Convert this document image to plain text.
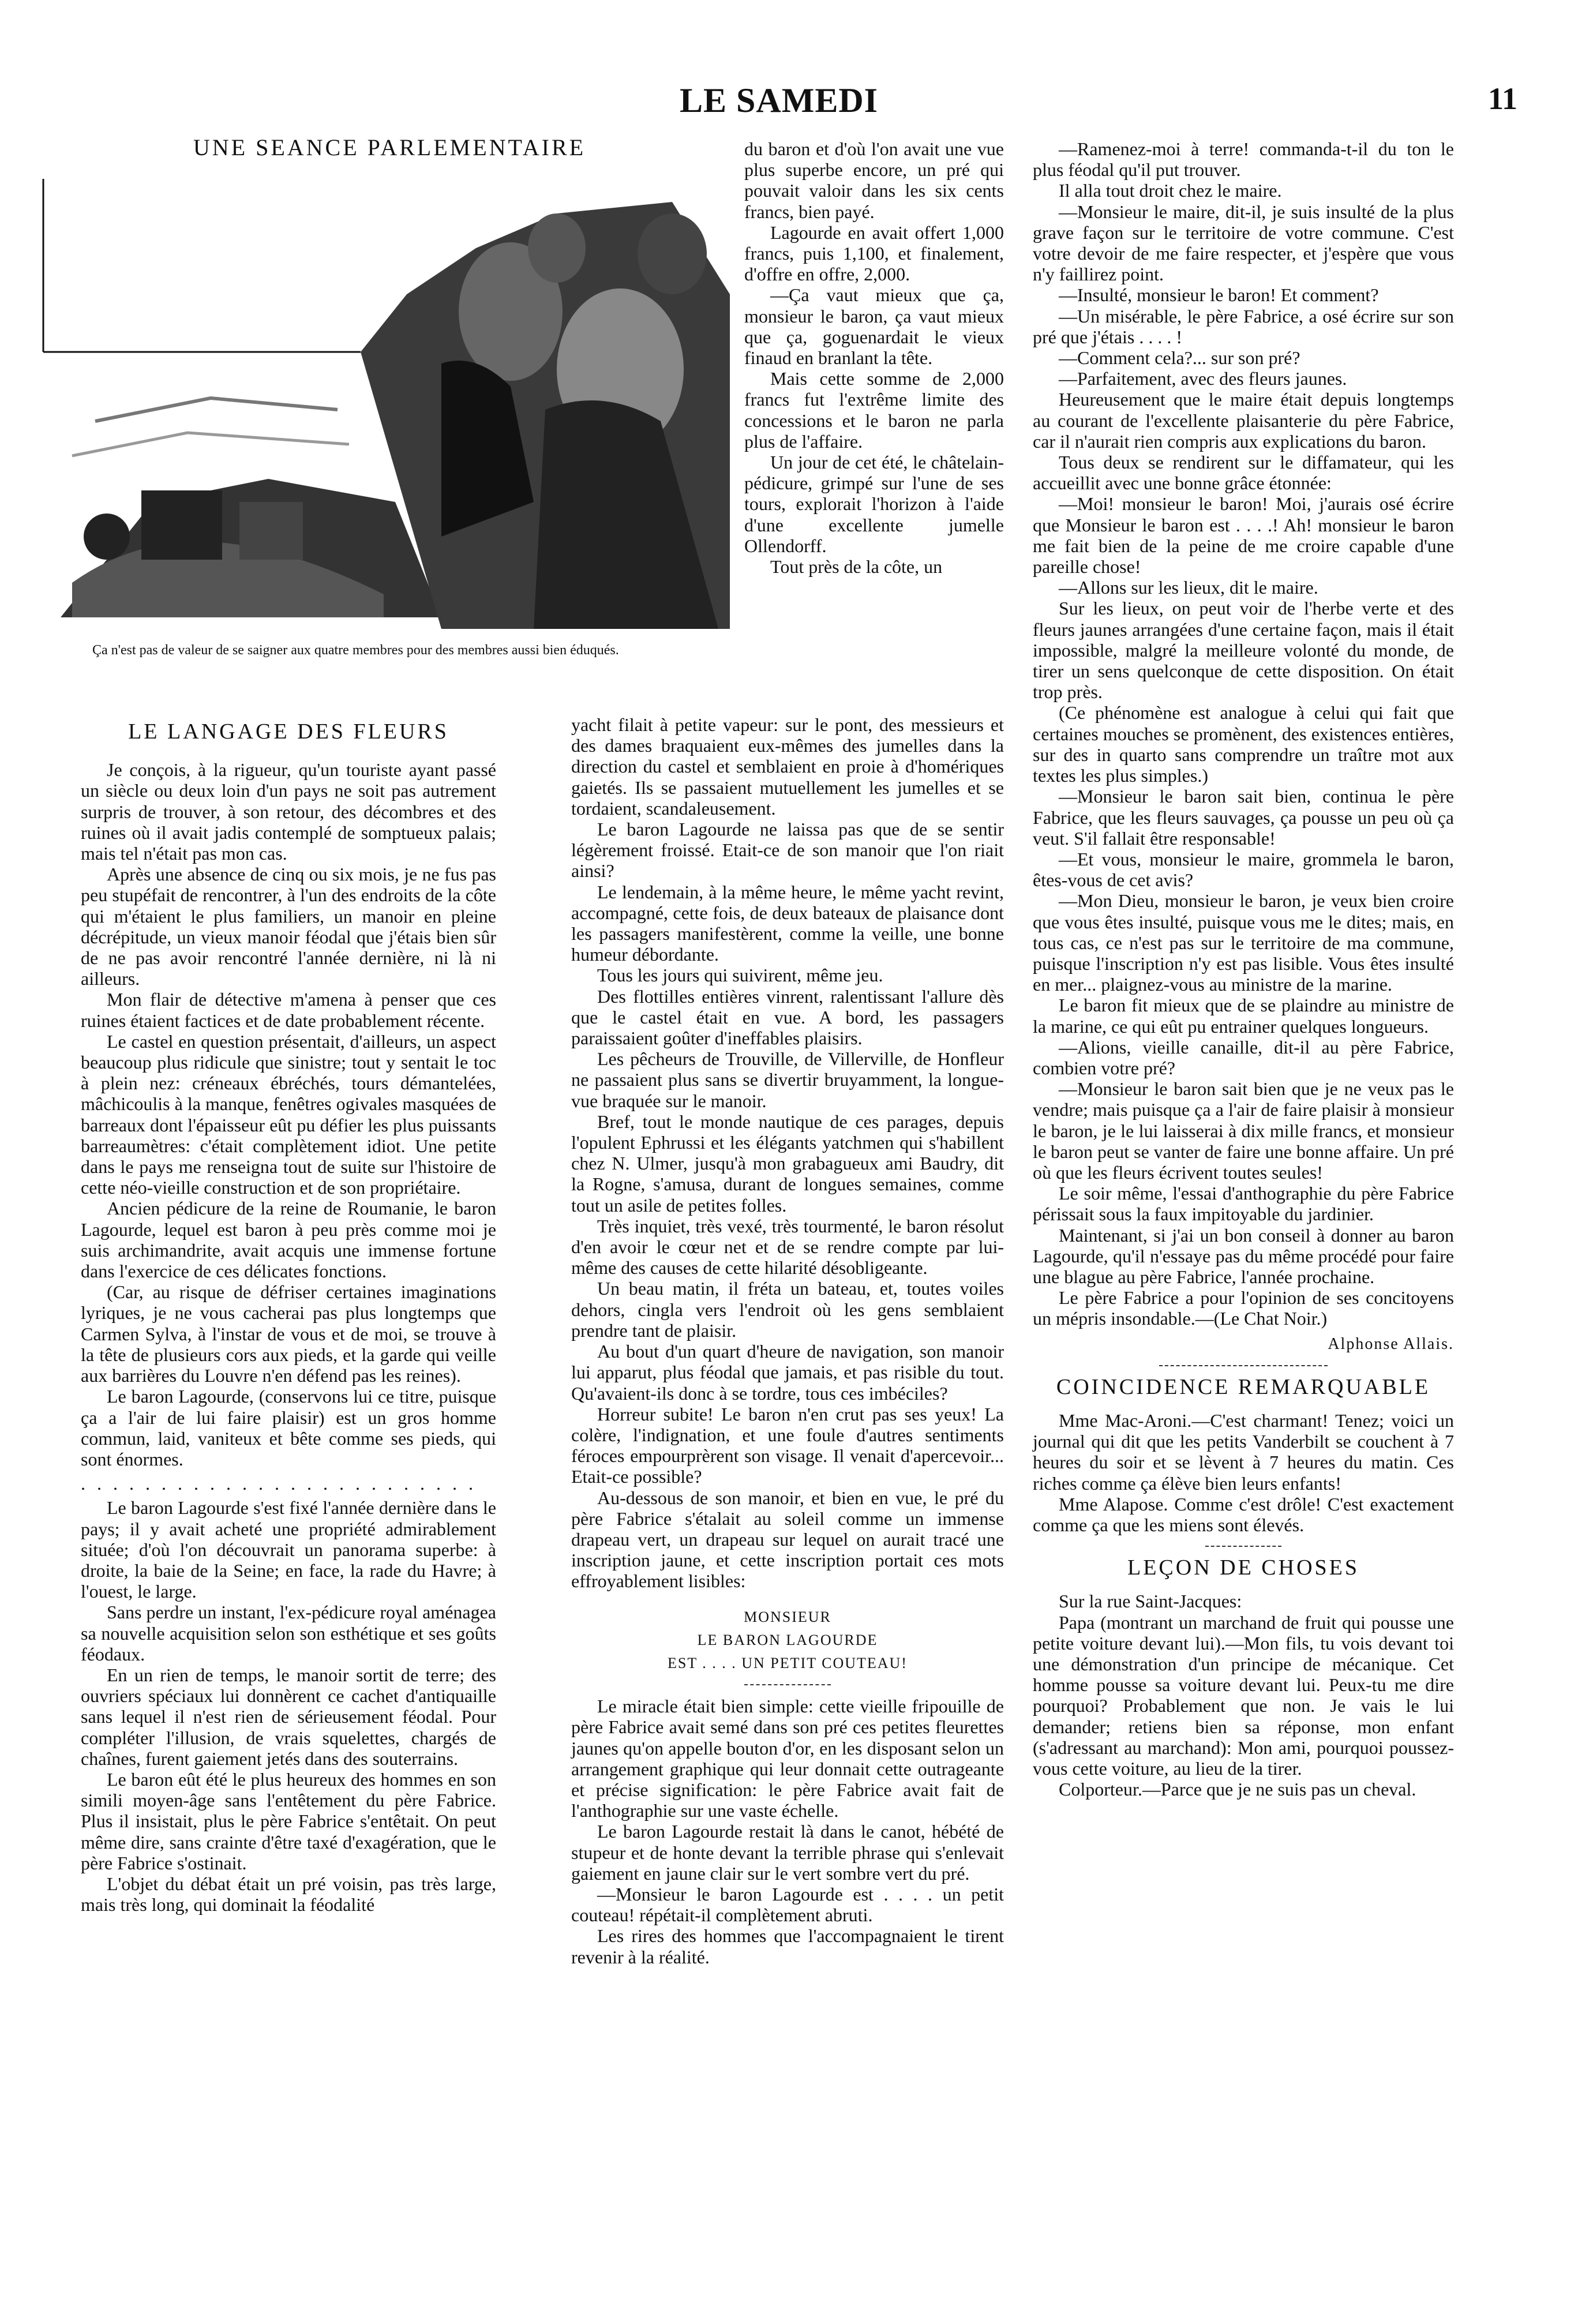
LE SAMEDI	11
UNE SEANCE PARLEMENTAIRE
Ça n'est pas de valeur de se saigner aux quatre membres pour des membres aussi bien éduqués.
LE LANGAGE DES FLEURS

Je conçois, à la rigueur, qu'un touriste ayant passé un siècle ou deux loin d'un pays ne soit pas autrement surpris de trouver, à son retour, des décombres et des ruines où il avait jadis contemplé de somptueux palais; mais tel n'était pas mon cas.

Après une absence de cinq ou six mois, je ne fus pas peu stupéfait de rencontrer, à l'un des endroits de la côte qui m'étaient le plus familiers, un manoir en pleine décrépitude, un vieux manoir féodal que j'étais bien sûr de ne pas avoir rencontré l'année dernière, ni là ni ailleurs.

Mon flair de détective m'amena à penser que ces ruines étaient factices et de date probablement récente.

Le castel en question présentait, d'ailleurs, un aspect beaucoup plus ridicule que sinistre; tout y sentait le toc à plein nez: créneaux ébréchés, tours démantelées, mâchicoulis à la manque, fenêtres ogivales masquées de barreaux dont l'épaisseur eût pu défier les plus puissants barreaumètres: c'était complètement idiot. Une petite dans le pays me renseigna tout de suite sur l'histoire de cette néo-vieille construction et de son propriétaire.

Ancien pédicure de la reine de Roumanie, le baron Lagourde, lequel est baron à peu près comme moi je suis archimandrite, avait acquis une immense fortune dans l'exercice de ces délicates fonctions.

(Car, au risque de défriser certaines imaginations lyriques, je ne vous cacherai pas plus longtemps que Carmen Sylva, à l'instar de vous et de moi, se trouve à la tête de plusieurs cors aux pieds, et la garde qui veille aux barrières du Louvre n'en défend pas les reines).

Le baron Lagourde, (conservons lui ce titre, puisque ça a l'air de lui faire plaisir) est un gros homme commun, laid, vaniteux et bête comme ses pieds, qui sont énormes.

. . . . . . . . . . . . . . . . . . . . . . . . .

Le baron Lagourde s'est fixé l'année dernière dans le pays; il y avait acheté une propriété admirablement située; d'où l'on découvrait un panorama superbe: à droite, la baie de la Seine; en face, la rade du Havre; à l'ouest, le large.

Sans perdre un instant, l'ex-pédicure royal aménagea sa nouvelle acquisition selon son esthétique et ses goûts féodaux.

En un rien de temps, le manoir sortit de terre; des ouvriers spéciaux lui donnèrent ce cachet d'antiquaille sans lequel il n'est rien de sérieusement féodal. Pour compléter l'illusion, de vrais squelettes, chargés de chaînes, furent gaiement jetés dans des souterrains.

Le baron eût été le plus heureux des hommes en son simili moyen-âge sans l'entêtement du père Fabrice. Plus il insistait, plus le père Fabrice s'entêtait. On peut même dire, sans crainte d'être taxé d'exagération, que le père Fabrice s'ostinait.

L'objet du débat était un pré voisin, pas très large, mais très long, qui dominait la féodalité

du baron et d'où l'on avait une vue plus superbe encore, un pré qui pouvait valoir dans les six cents francs, bien payé.

Lagourde en avait offert 1,000 francs, puis 1,100, et finalement, d'offre en offre, 2,000.

—Ça vaut mieux que ça, monsieur le baron, ça vaut mieux que ça, goguenardait le vieux finaud en branlant la tête.

Mais cette somme de 2,000 francs fut l'extrême limite des concessions et le baron ne parla plus de l'affaire.

Un jour de cet été, le châtelain-pédicure, grimpé sur l'une de ses tours, explorait l'horizon à l'aide d'une excellente jumelle Ollendorff.

Tout près de la côte, un

yacht filait à petite vapeur: sur le pont, des messieurs et des dames braquaient eux-mêmes des jumelles dans la direction du castel et semblaient en proie à d'homériques gaietés. Ils se passaient mutuellement les jumelles et se tordaient, scandaleusement.

Le baron Lagourde ne laissa pas que de se sentir légèrement froissé. Etait-ce de son manoir que l'on riait ainsi?

Le lendemain, à la même heure, le même yacht revint, accompagné, cette fois, de deux bateaux de plaisance dont les passagers manifestèrent, comme la veille, une bonne humeur débordante.

Tous les jours qui suivirent, même jeu.

Des flottilles entières vinrent, ralentissant l'allure dès que le castel était en vue. A bord, les passagers paraissaient goûter d'ineffables plaisirs.

Les pêcheurs de Trouville, de Villerville, de Honfleur ne passaient plus sans se divertir bruyamment, la longue-vue braquée sur le manoir.

Bref, tout le monde nautique de ces parages, depuis l'opulent Ephrussi et les élégants yatchmen qui s'habillent chez N. Ulmer, jusqu'à mon grabagueux ami Baudry, dit la Rogne, s'amusa, durant de longues semaines, comme tout un asile de petites folles.

Très inquiet, très vexé, très tourmenté, le baron résolut d'en avoir le cœur net et de se rendre compte par lui-même des causes de cette hilarité désobligeante.

Un beau matin, il fréta un bateau, et, toutes voiles dehors, cingla vers l'endroit où les gens semblaient prendre tant de plaisir.

Au bout d'un quart d'heure de navigation, son manoir lui apparut, plus féodal que jamais, et pas risible du tout. Qu'avaient-ils donc à se tordre, tous ces imbéciles?

Horreur subite! Le baron n'en crut pas ses yeux! La colère, l'indignation, et une foule d'autres sentiments féroces empourprèrent son visage. Il venait d'apercevoir... Etait-ce possible?

Au-dessous de son manoir, et bien en vue, le pré du père Fabrice s'étalait au soleil comme un immense drapeau vert, un drapeau sur lequel on aurait tracé une inscription jaune, et cette inscription portait ces mots effroyablement lisibles:

MONSIEUR
LE BARON LAGOURDE
EST . . . . UN PETIT COUTEAU!

Le miracle était bien simple: cette vieille fripouille de père Fabrice avait semé dans son pré ces petites fleurettes jaunes qu'on appelle bouton d'or, en les disposant selon un arrangement graphique qui leur donnait cette outrageante et précise signification: le père Fabrice avait fait de l'anthographie sur une vaste échelle.

Le baron Lagourde restait là dans le canot, hébété de stupeur et de honte devant la terrible phrase qui s'enlevait gaiement en jaune clair sur le vert sombre vert du pré.

—Monsieur le baron Lagourde est . . . . un petit couteau! répétait-il complètement abruti.

Les rires des hommes que l'accompagnaient le tirent revenir à la réalité.

—Ramenez-moi à terre! commanda-t-il du ton le plus féodal qu'il put trouver.

Il alla tout droit chez le maire.

—Monsieur le maire, dit-il, je suis insulté de la plus grave façon sur le territoire de votre commune. C'est votre devoir de me faire respecter, et j'espère que vous n'y faillirez point.

—Insulté, monsieur le baron! Et comment?

—Un misérable, le père Fabrice, a osé écrire sur son pré que j'étais . . . . !

—Comment cela?... sur son pré?

—Parfaitement, avec des fleurs jaunes.

Heureusement que le maire était depuis longtemps au courant de l'excellente plaisanterie du père Fabrice, car il n'aurait rien compris aux explications du baron.

Tous deux se rendirent sur le diffamateur, qui les accueillit avec une bonne grâce étonnée:

—Moi! monsieur le baron! Moi, j'aurais osé écrire que Monsieur le baron est . . . .! Ah! monsieur le baron me fait bien de la peine de me croire capable d'une pareille chose!

—Allons sur les lieux, dit le maire.

Sur les lieux, on peut voir de l'herbe verte et des fleurs jaunes arrangées d'une certaine façon, mais il était impossible, malgré la meilleure volonté du monde, de tirer un sens quelconque de cette disposition. On était trop près.

(Ce phénomène est analogue à celui qui fait que certaines mouches se promènent, des existences entières, sur des in quarto sans comprendre un traître mot aux textes les plus simples.)

—Monsieur le baron sait bien, continua le père Fabrice, que les fleurs sauvages, ça pousse un peu où ça veut. S'il fallait être responsable!

—Et vous, monsieur le maire, grommela le baron, êtes-vous de cet avis?

—Mon Dieu, monsieur le baron, je veux bien croire que vous êtes insulté, puisque vous me le dites; mais, en tous cas, ce n'est pas sur le territoire de ma commune, puisque l'inscription n'y est pas lisible. Vous êtes insulté en mer... plaignez-vous au ministre de la marine.

Le baron fit mieux que de se plaindre au ministre de la marine, ce qui eût pu entrainer quelques longueurs.

—Alions, vieille canaille, dit-il au père Fabrice, combien votre pré?

—Monsieur le baron sait bien que je ne veux pas le vendre; mais puisque ça a l'air de faire plaisir à monsieur le baron, je le lui laisserai à dix mille francs, et monsieur le baron peut se vanter de faire une bonne affaire. Un pré où que les fleurs écrivent toutes seules!

Le soir même, l'essai d'anthographie du père Fabrice périssait sous la faux impitoyable du jardinier.

Maintenant, si j'ai un bon conseil à donner au baron Lagourde, qu'il n'essaye pas du même procédé pour faire une blague au père Fabrice, l'année prochaine.

Le père Fabrice a pour l'opinion de ses concitoyens un mépris insondable.—(Le Chat Noir.)

Alphonse Allais.
COINCIDENCE REMARQUABLE

Mme Mac-Aroni.—C'est charmant! Tenez; voici un journal qui dit que les petits Vanderbilt se couchent à 7 heures du soir et se lèvent à 7 heures du matin. Ces riches comme ça élève bien leurs enfants!

Mme Alapose. Comme c'est drôle! C'est exactement comme ça que les miens sont élevés.

LEÇON DE CHOSES

Sur la rue Saint-Jacques:

Papa (montrant un marchand de fruit qui pousse une petite voiture devant lui).—Mon fils, tu vois devant toi une démonstration d'un principe de mécanique. Cet homme pousse sa voiture devant lui. Peux-tu me dire pourquoi? Probablement que non. Je vais le lui demander; retiens bien sa réponse, mon enfant (s'adressant au marchand): Mon ami, pourquoi poussez-vous cette voiture, au lieu de la tirer.

Colporteur.—Parce que je ne suis pas un cheval.
